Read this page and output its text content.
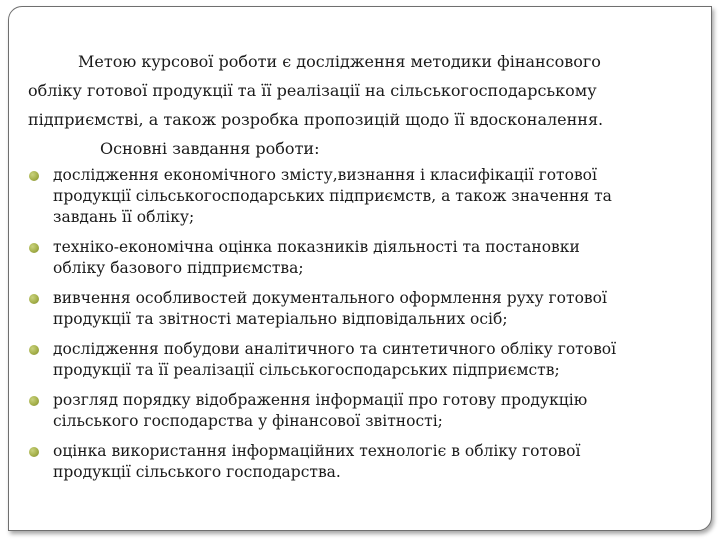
Метою курсової роботи є дослідження методики фінансового

обліку готової продукції та її реалізації на сільськогосподарському

підприємстві, а також розробка пропозицій щодо її вдосконалення.

Основні завдання роботи:

дослідження економічного змісту,визнання і класифікації готової
продукції сільськогосподарських підприємств, а також значення та
завдань її обліку;
техніко-економічна оцінка показників діяльності та постановки
обліку базового підприємства;
вивчення особливостей документального оформлення руху готової
продукції та звітності матеріально відповідальних осіб;
дослідження побудови аналітичного та синтетичного обліку готової
продукції та її реалізації сільськогосподарських підприємств;
розгляд порядку відображення інформації про готову продукцію
сільського господарства у фінансової звітності;
оцінка використання інформаційних технологіє в обліку готової
продукції сільського господарства.
